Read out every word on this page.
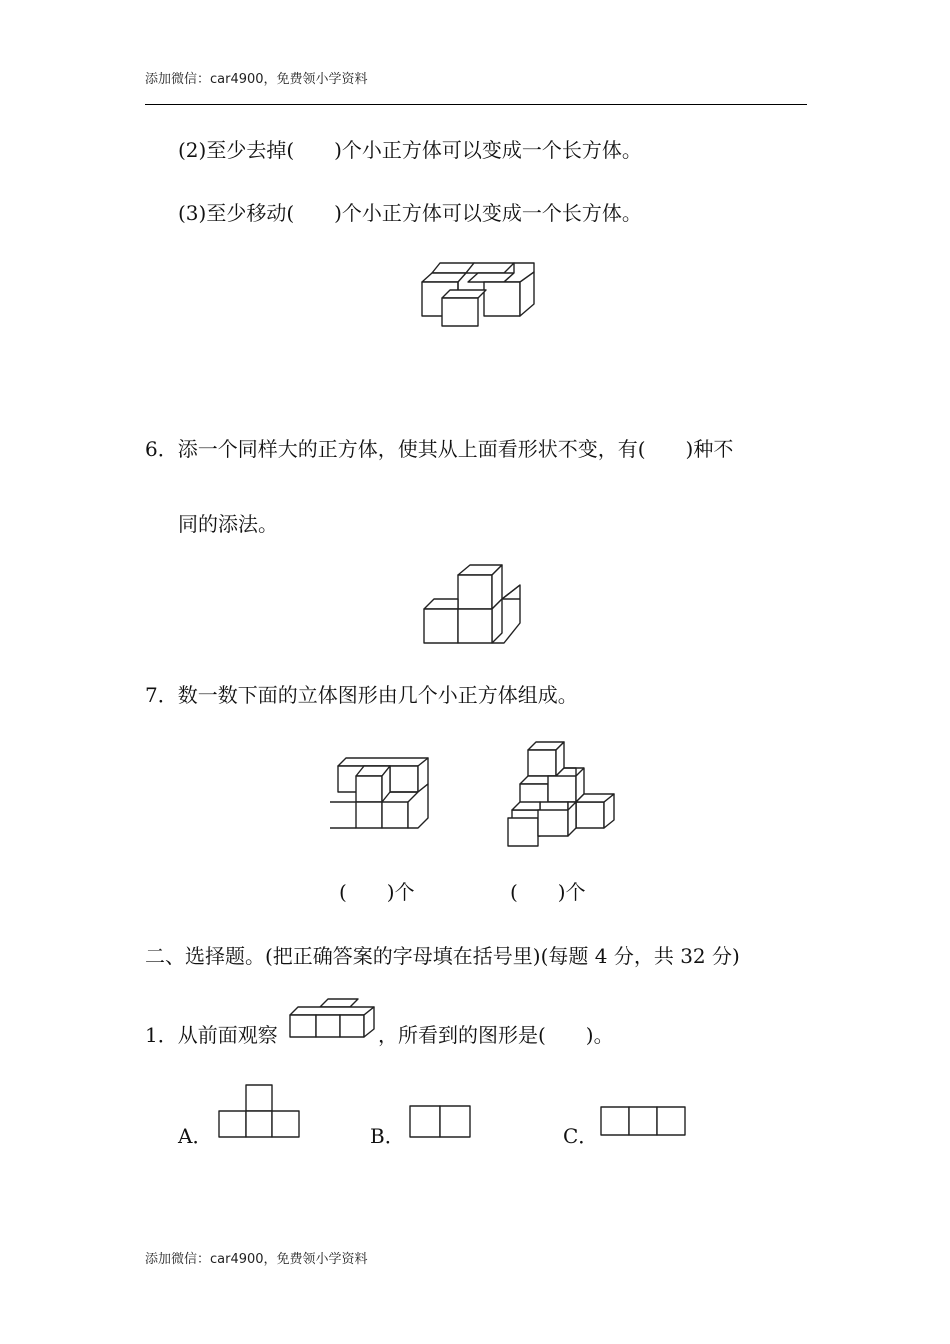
添加微信：car4900，免费领小学资料
(2)至少去掉(　　)个小正方体可以变成一个长方体。
(3)至少移动(　　)个小正方体可以变成一个长方体。
6．添一个同样大的正方体，使其从上面看形状不变，有(　　)种不
同的添法。
7．数一数下面的立体图形由几个小正方体组成。
(　　)个	(　　)个
二、选择题。(把正确答案的字母填在括号里)(每题 4 分，共 32 分)
1．从前面观察	，所看到的图形是(　　)。
A．	B．	C．
添加微信：car4900，免费领小学资料
